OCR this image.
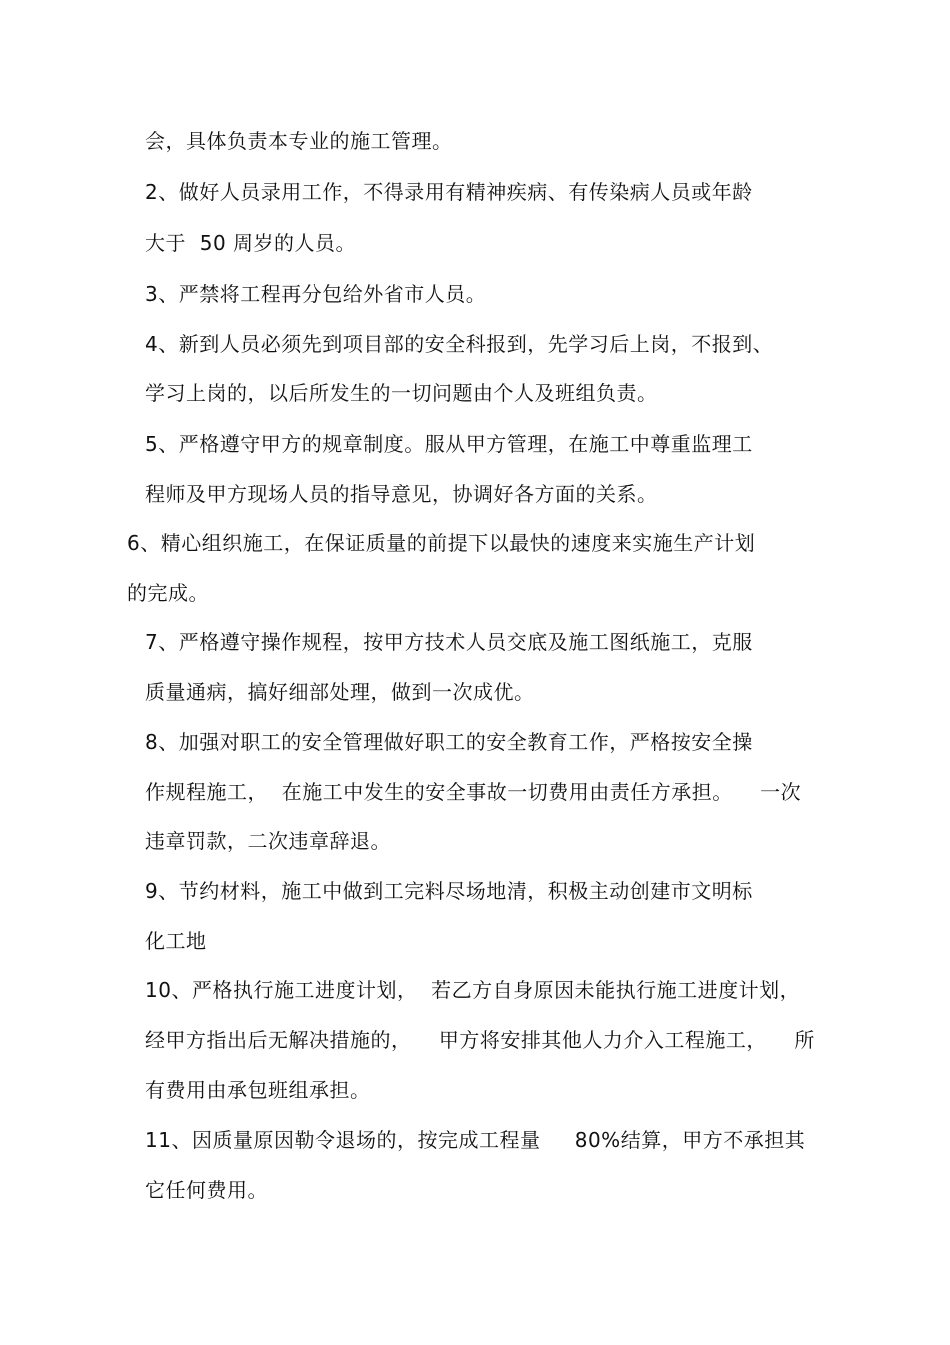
会，具体负责本专业的施工管理。
2、做好人员录用工作，不得录用有精神疾病、有传染病人员或年龄
大于  50 周岁的人员。
3、严禁将工程再分包给外省市人员。
4、新到人员必须先到项目部的安全科报到，先学习后上岗，不报到、
学习上岗的，以后所发生的一切问题由个人及班组负责。
5、严格遵守甲方的规章制度。服从甲方管理，在施工中尊重监理工
程师及甲方现场人员的指导意见，协调好各方面的关系。
6、精心组织施工，在保证质量的前提下以最快的速度来实施生产计划
的完成。
7、严格遵守操作规程，按甲方技术人员交底及施工图纸施工，克服
质量通病，搞好细部处理，做到一次成优。
8、加强对职工的安全管理做好职工的安全教育工作，严格按安全操
作规程施工，  在施工中发生的安全事故一切费用由责任方承担。    一次
违章罚款，二次违章辞退。
9、节约材料，施工中做到工完料尽场地清，积极主动创建市文明标
化工地
10、严格执行施工进度计划，  若乙方自身原因未能执行施工进度计划，
经甲方指出后无解决措施的，    甲方将安排其他人力介入工程施工，    所
有费用由承包班组承担。
11、因质量原因勒令退场的，按完成工程量     80%结算，甲方不承担其
它任何费用。
